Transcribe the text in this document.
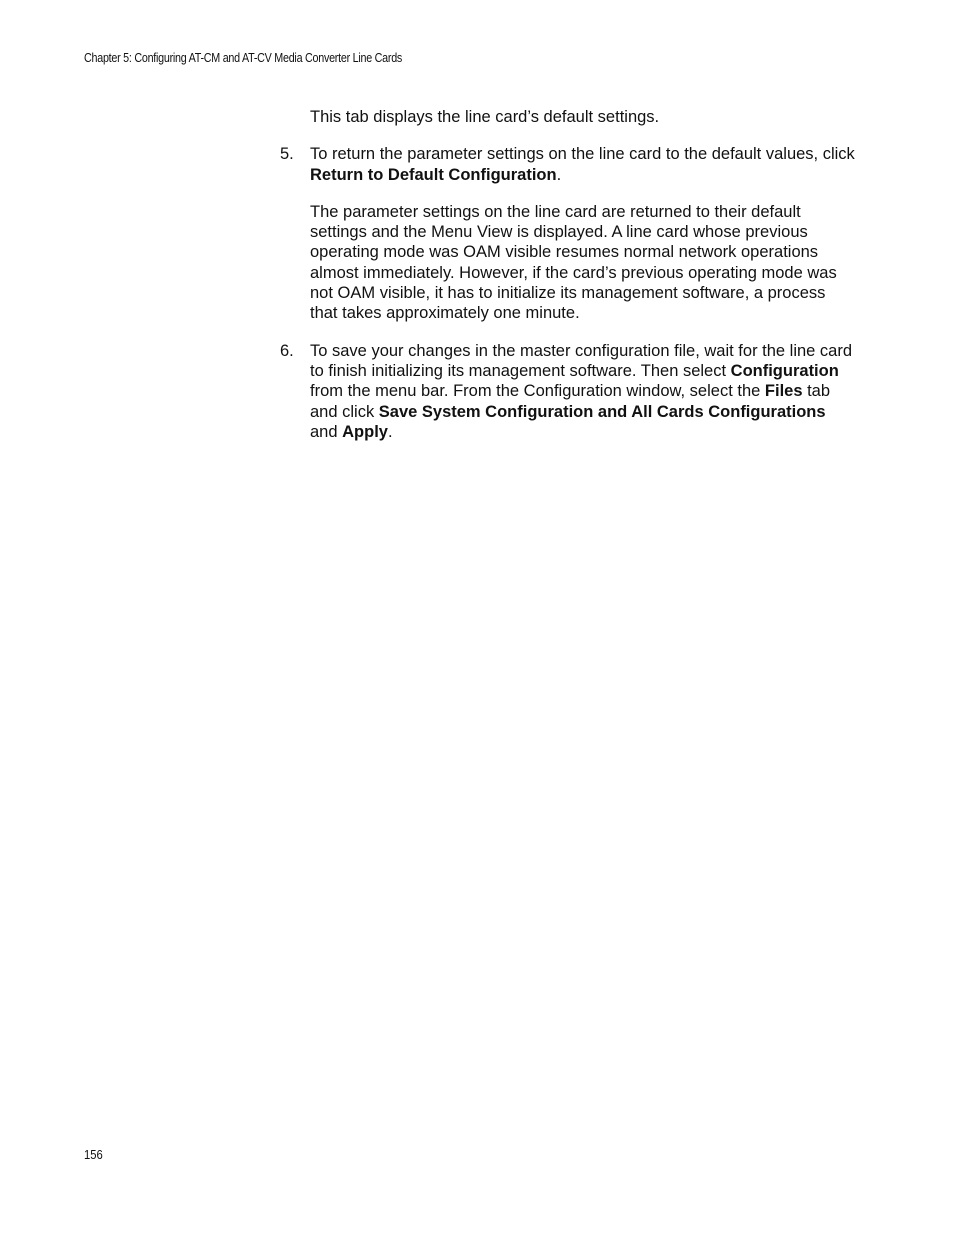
Chapter 5: Configuring AT-CM and AT-CV Media Converter Line Cards

This tab displays the line card’s default settings.

5. To return the parameter settings on the line card to the default values, click Return to Default Configuration.

The parameter settings on the line card are returned to their default settings and the Menu View is displayed. A line card whose previous operating mode was OAM visible resumes normal network operations almost immediately. However, if the card’s previous operating mode was not OAM visible, it has to initialize its management software, a process that takes approximately one minute.

6. To save your changes in the master configuration file, wait for the line card to finish initializing its management software. Then select Configuration from the menu bar. From the Configuration window, select the Files tab and click Save System Configuration and All Cards Configurations and Apply.

156
